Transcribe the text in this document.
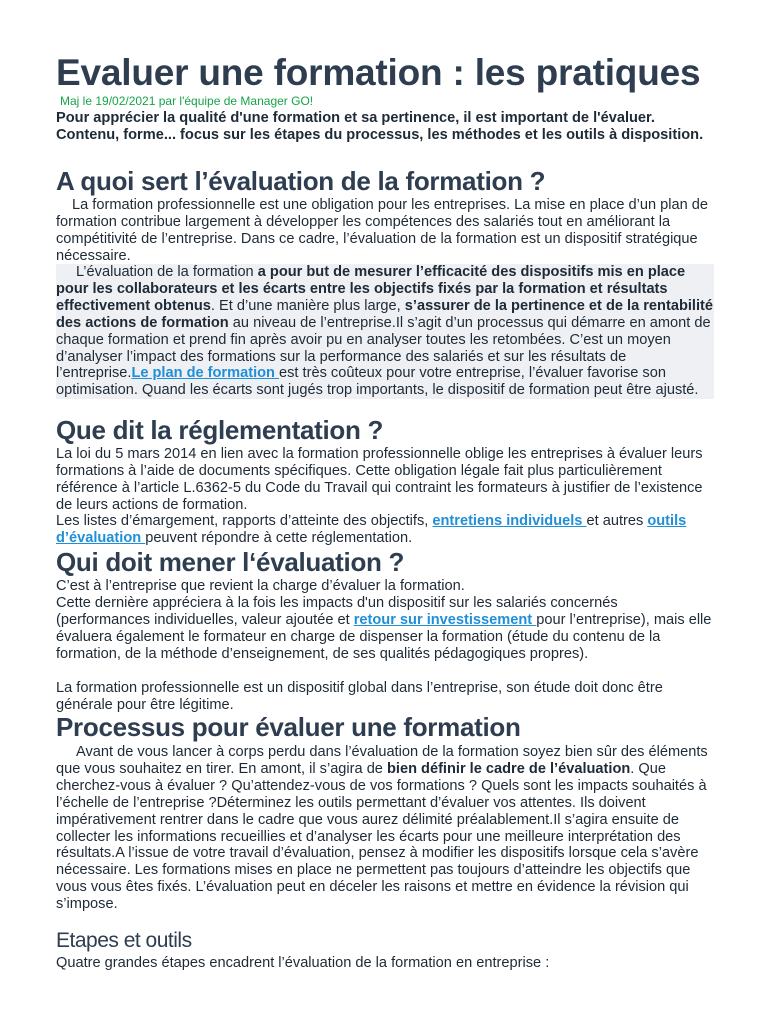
Evaluer une formation : les pratiques
Maj le 19/02/2021 par l'équipe de Manager GO!

Pour apprécier la qualité d'une formation et sa pertinence, il est important de l'évaluer. Contenu, forme... focus sur les étapes du processus, les méthodes et les outils à disposition.

A quoi sert l’évaluation de la formation ?

La formation professionnelle est une obligation pour les entreprises. La mise en place d’un plan de formation contribue largement à développer les compétences des salariés tout en améliorant la compétitivité de l’entreprise. Dans ce cadre, l’évaluation de la formation est un dispositif stratégique nécessaire.

L’évaluation de la formation a pour but de mesurer l’efficacité des dispositifs mis en place pour les collaborateurs et les écarts entre les objectifs fixés par la formation et résultats effectivement obtenus. Et d’une manière plus large, s’assurer de la pertinence et de la rentabilité des actions de formation au niveau de l’entreprise.Il s’agit d’un processus qui démarre en amont de chaque formation et prend fin après avoir pu en analyser toutes les retombées. C’est un moyen d’analyser l’impact des formations sur la performance des salariés et sur les résultats de l’entreprise.Le plan de formation est très coûteux pour votre entreprise, l’évaluer favorise son optimisation. Quand les écarts sont jugés trop importants, le dispositif de formation peut être ajusté.

Que dit la réglementation ?

La loi du 5 mars 2014 en lien avec la formation professionnelle oblige les entreprises à évaluer leurs formations à l’aide de documents spécifiques. Cette obligation légale fait plus particulièrement référence à l’article L.6362-5 du Code du Travail qui contraint les formateurs à justifier de l’existence de leurs actions de formation.

Les listes d’émargement, rapports d’atteinte des objectifs, entretiens individuels et autres outils d’évaluation peuvent répondre à cette réglementation.

Qui doit mener l‘évaluation ?

C’est à l’entreprise que revient la charge d’évaluer la formation.

Cette dernière appréciera à la fois les impacts d'un dispositif sur les salariés concernés (performances individuelles, valeur ajoutée et retour sur investissement pour l’entreprise), mais elle évaluera également le formateur en charge de dispenser la formation (étude du contenu de la formation, de la méthode d’enseignement, de ses qualités pédagogiques propres).

La formation professionnelle est un dispositif global dans l’entreprise, son étude doit donc être générale pour être légitime.

Processus pour évaluer une formation

Avant de vous lancer à corps perdu dans l’évaluation de la formation soyez bien sûr des éléments que vous souhaitez en tirer. En amont, il s’agira de bien définir le cadre de l’évaluation. Que cherchez-vous à évaluer ? Qu’attendez-vous de vos formations ? Quels sont les impacts souhaités à l’échelle de l’entreprise ?Déterminez les outils permettant d’évaluer vos attentes. Ils doivent impérativement rentrer dans le cadre que vous aurez délimité préalablement.Il s’agira ensuite de collecter les informations recueillies et d’analyser les écarts pour une meilleure interprétation des résultats.A l’issue de votre travail d’évaluation, pensez à modifier les dispositifs lorsque cela s’avère nécessaire. Les formations mises en place ne permettent pas toujours d’atteindre les objectifs que vous vous êtes fixés. L’évaluation peut en déceler les raisons et mettre en évidence la révision qui s’impose.

Etapes et outils

Quatre grandes étapes encadrent l’évaluation de la formation en entreprise :
